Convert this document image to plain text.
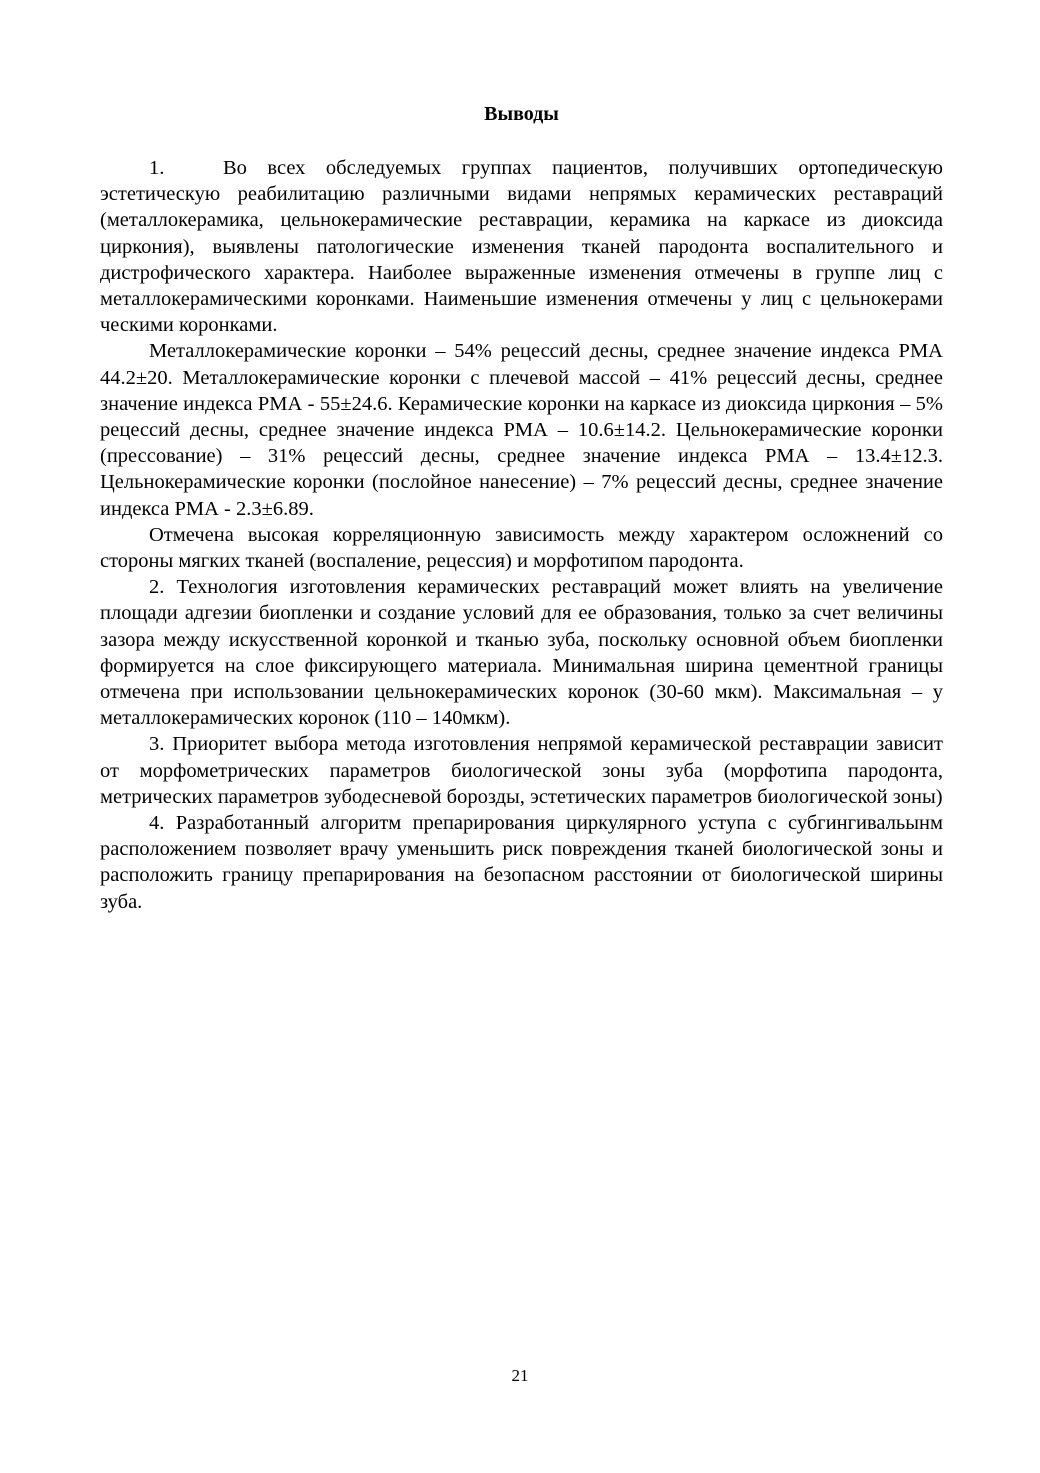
Выводы

1.	Во всех обследуемых группах пациентов, получивших ортопедическую эстетическую реабилитацию различными видами непрямых керамических реставраций (металлокерамика, цельнокерамические реставрации, керамика на каркасе из диоксида циркония), выявлены патологические изменения тканей пародонта воспалительного и дистрофического характера. Наиболее выраженные изменения отмечены в группе лиц с металлокерамическими коронками. Наименьшие изменения отмечены у лиц с цельнокерами ческими коронками.

Металлокерамические коронки – 54% рецессий десны, среднее значение индекса РМА 44.2±20. Металлокерамические коронки с плечевой массой – 41% рецессий десны, среднее значение индекса РМА - 55±24.6. Керамические коронки на каркасе из диоксида циркония – 5% рецессий десны, среднее значение индекса РМА – 10.6±14.2. Цельнокерамические коронки (прессование) – 31% рецессий десны, среднее значение индекса РМА – 13.4±12.3. Цельнокерамические коронки (послойное нанесение) – 7% рецессий десны, среднее значение индекса РМА - 2.3±6.89.

Отмечена высокая корреляционную зависимость между характером осложнений со стороны мягких тканей (воспаление, рецессия) и морфотипом пародонта.

2. Технология изготовления керамических реставраций может влиять на увеличение площади адгезии биопленки и создание условий для ее образования, только за счет величины зазора между искусственной коронкой и тканью зуба, поскольку основной объем биопленки формируется на слое фиксирующего материала. Минимальная ширина цементной границы отмечена при использовании цельнокерамических коронок (30-60 мкм). Максимальная – у металлокерамических коронок (110 – 140мкм).

3. Приоритет выбора метода изготовления непрямой керамической реставрации зависит от морфометрических параметров биологической зоны зуба (морфотипа пародонта, метрических параметров зубодесневой борозды, эстетических параметров биологической зоны)

4. Разработанный алгоритм препарирования циркулярного уступа с субгингивальынм расположением позволяет врачу уменьшить риск повреждения тканей биологической зоны и расположить границу препарирования на безопасном расстоянии от биологической ширины зуба.

21
